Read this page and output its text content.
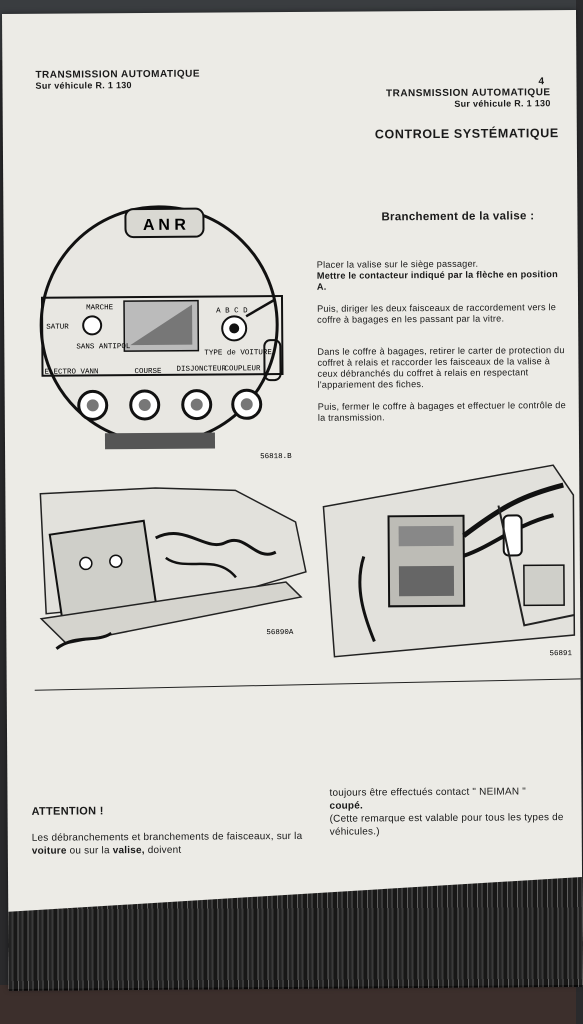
TRANSMISSION AUTOMATIQUE
Sur véhicule R. 1 130	4
TRANSMISSION AUTOMATIQUE
Sur véhicule R. 1 130
CONTROLE SYSTÉMATIQUE
Branchement de la valise :
Placer la valise sur le siège passager.
Mettre le contacteur indiqué par la flèche en position A.
Puis, diriger les deux faisceaux de raccordement vers le coffre à bagages en les passant par la vitre.
Dans le coffre à bagages, retirer le carter de protection du coffret à relais et raccorder les faisceaux de la valise à ceux débranchés du coffret à relais en respectant l'appariement des fiches.
Puis, fermer le coffre à bagages et effectuer le contrôle de la transmission.
A N R
MARCHE
SATUR
SANS ANTIPOL
A B C D
TYPE de VOITURE
ELECTRO VANN	COURSE DISJONCTEUR
COUPLEUR
56818.B
56890A
56891
ATTENTION !
Les débranchements et branchements de faisceaux, sur la voiture ou sur la valise, doivent
toujours être effectués contact " NEIMAN "
coupé.
(Cette remarque est valable pour tous les types de véhicules.)
